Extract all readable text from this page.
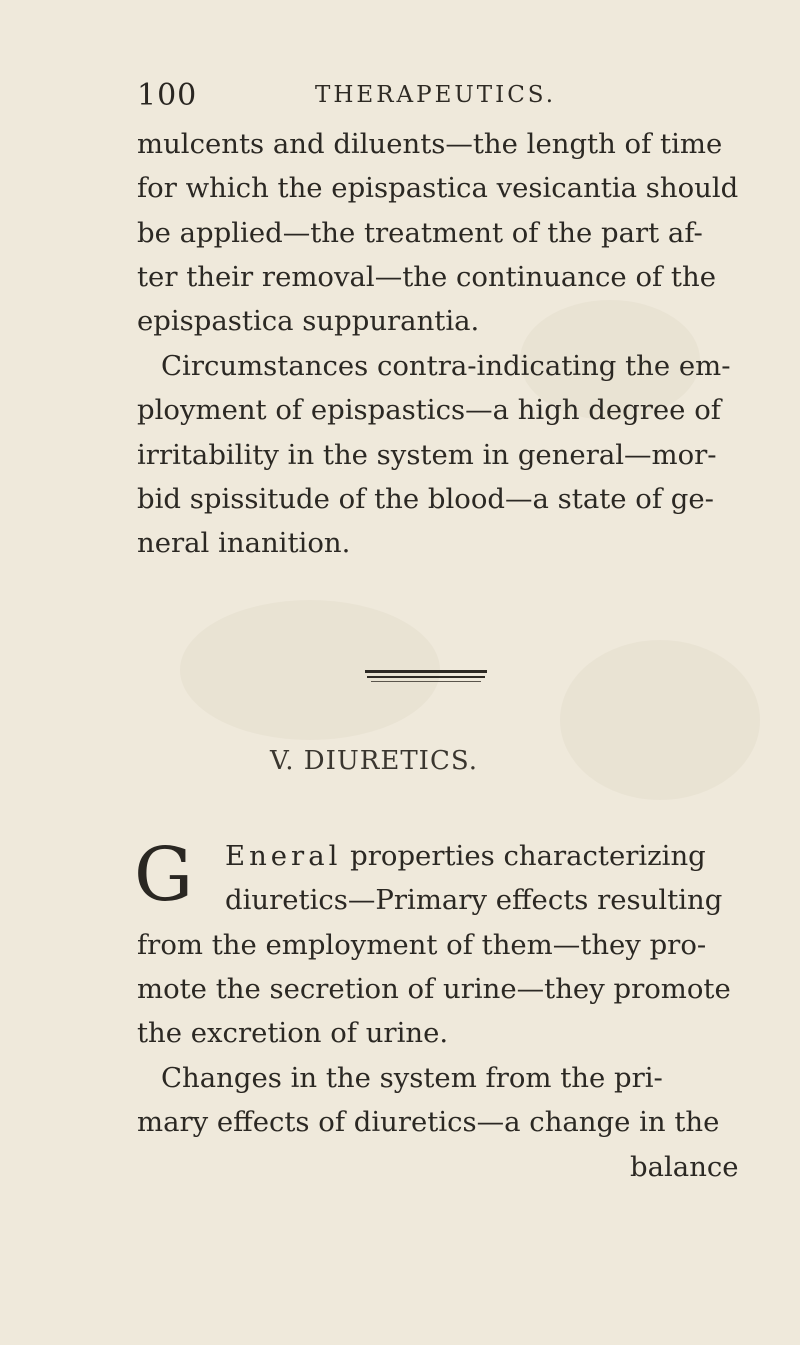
100	THERAPEUTICS.
mulcents and diluents—the length of time
for which the epispastica vesicantia should
be applied—the treatment of the part af-
ter their removal—the continuance of the
epispastica suppurantia.
Circumstances contra-indicating the em-
ployment of epispastics—a high degree of
irritability in the system in general—mor-
bid spissitude of the blood—a state of ge-
neral inanition.
V. DIURETICS.
G Eneral properties characterizing
diuretics—Primary effects resulting
from the employment of them—they pro-
mote the secretion of urine—they promote
the excretion of urine.
Changes in the system from the pri-
mary effects of diuretics—a change in the
balance
